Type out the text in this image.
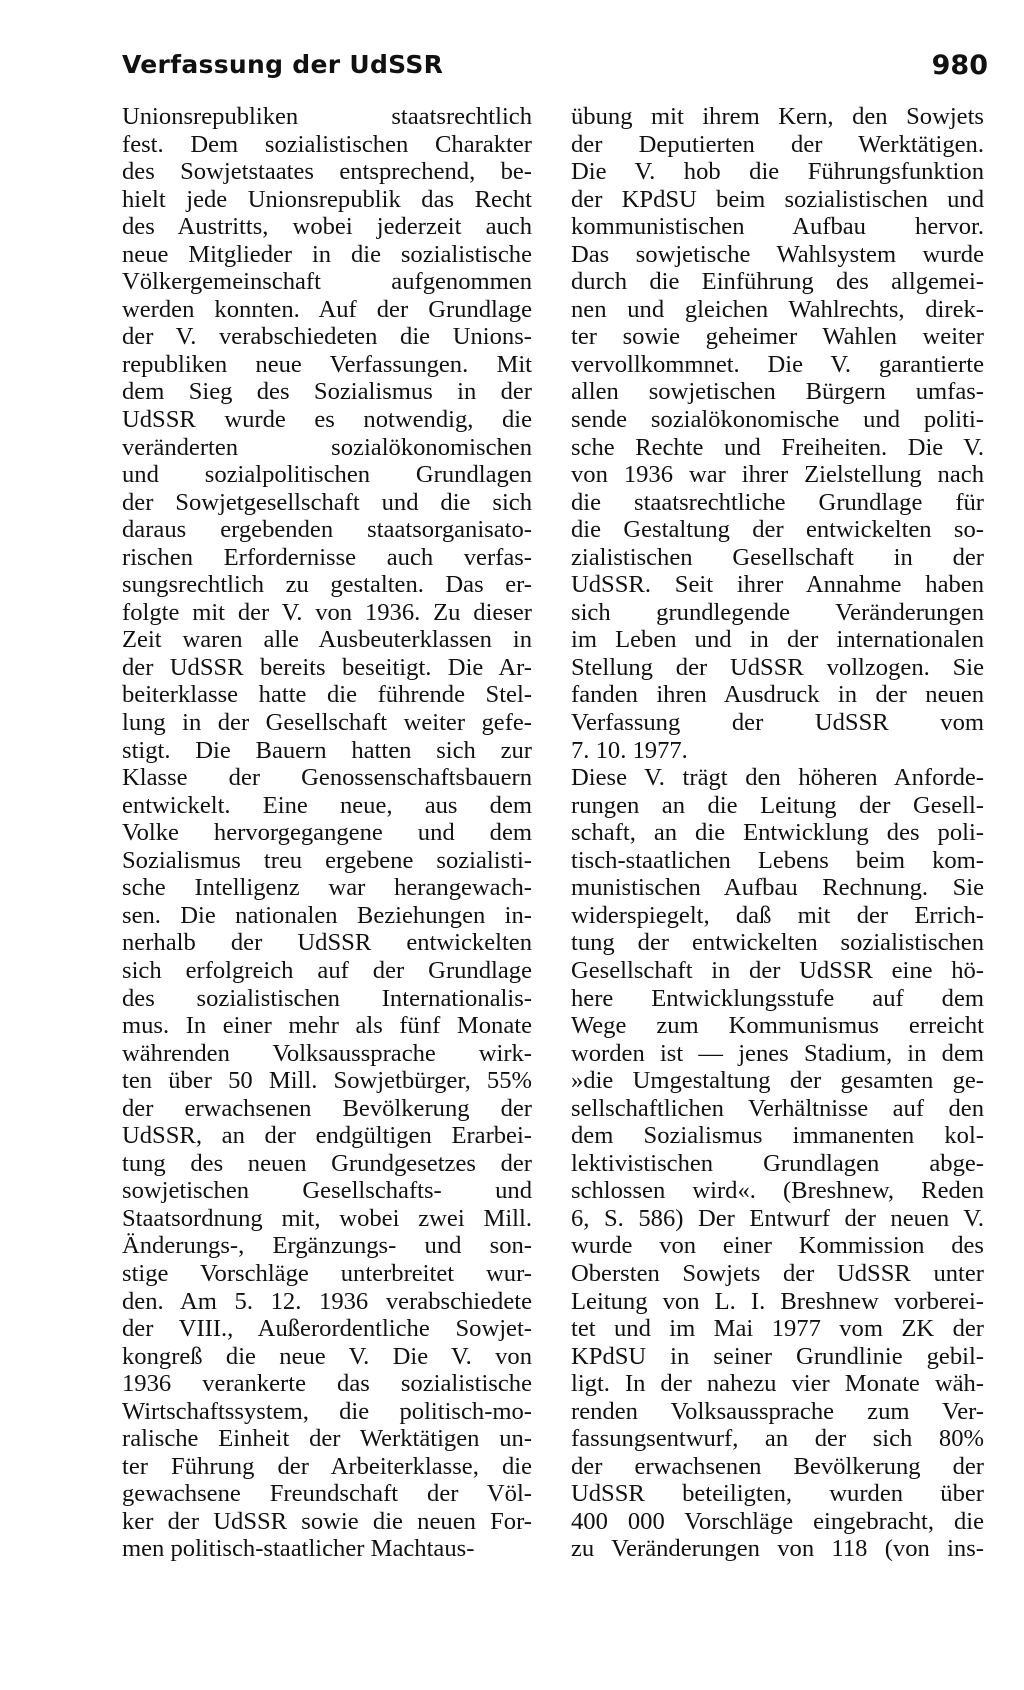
Verfassung der UdSSR	980
Unionsrepubliken staatsrechtlich
fest. Dem sozialistischen Charakter
des Sowjetstaates entsprechend, be-
hielt jede Unionsrepublik das Recht
des Austritts, wobei jederzeit auch
neue Mitglieder in die sozialistische
Völkergemeinschaft aufgenommen
werden konnten. Auf der Grundlage
der V. verabschiedeten die Unions-
republiken neue Verfassungen. Mit
dem Sieg des Sozialismus in der
UdSSR wurde es notwendig, die
veränderten sozialökonomischen
und sozialpolitischen Grundlagen
der Sowjetgesellschaft und die sich
daraus ergebenden staatsorganisato-
rischen Erfordernisse auch verfas-
sungsrechtlich zu gestalten. Das er-
folgte mit der V. von 1936. Zu dieser
Zeit waren alle Ausbeuterklassen in
der UdSSR bereits beseitigt. Die Ar-
beiterklasse hatte die führende Stel-
lung in der Gesellschaft weiter gefe-
stigt. Die Bauern hatten sich zur
Klasse der Genossenschaftsbauern
entwickelt. Eine neue, aus dem
Volke hervorgegangene und dem
Sozialismus treu ergebene sozialisti-
sche Intelligenz war herangewach-
sen. Die nationalen Beziehungen in-
nerhalb der UdSSR entwickelten
sich erfolgreich auf der Grundlage
des sozialistischen Internationalis-
mus. In einer mehr als fünf Monate
währenden Volksaussprache wirk-
ten über 50 Mill. Sowjetbürger, 55%
der erwachsenen Bevölkerung der
UdSSR, an der endgültigen Erarbei-
tung des neuen Grundgesetzes der
sowjetischen Gesellschafts- und
Staatsordnung mit, wobei zwei Mill.
Änderungs-, Ergänzungs- und son-
stige Vorschläge unterbreitet wur-
den. Am 5. 12. 1936 verabschiedete
der VIII., Außerordentliche Sowjet-
kongreß die neue V. Die V. von
1936 verankerte das sozialistische
Wirtschaftssystem, die politisch-mo-
ralische Einheit der Werktätigen un-
ter Führung der Arbeiterklasse, die
gewachsene Freundschaft der Völ-
ker der UdSSR sowie die neuen For-
men politisch-staatlicher Machtaus-
übung mit ihrem Kern, den Sowjets
der Deputierten der Werktätigen.
Die V. hob die Führungsfunktion
der KPdSU beim sozialistischen und
kommunistischen Aufbau hervor.
Das sowjetische Wahlsystem wurde
durch die Einführung des allgemei-
nen und gleichen Wahlrechts, direk-
ter sowie geheimer Wahlen weiter
vervollkommnet. Die V. garantierte
allen sowjetischen Bürgern umfas-
sende sozialökonomische und politi-
sche Rechte und Freiheiten. Die V.
von 1936 war ihrer Zielstellung nach
die staatsrechtliche Grundlage für
die Gestaltung der entwickelten so-
zialistischen Gesellschaft in der
UdSSR. Seit ihrer Annahme haben
sich grundlegende Veränderungen
im Leben und in der internationalen
Stellung der UdSSR vollzogen. Sie
fanden ihren Ausdruck in der neuen
Verfassung der UdSSR vom
7. 10. 1977.
Diese V. trägt den höheren Anforde-
rungen an die Leitung der Gesell-
schaft, an die Entwicklung des poli-
tisch-staatlichen Lebens beim kom-
munistischen Aufbau Rechnung. Sie
widerspiegelt, daß mit der Errich-
tung der entwickelten sozialistischen
Gesellschaft in der UdSSR eine hö-
here Entwicklungsstufe auf dem
Wege zum Kommunismus erreicht
worden ist — jenes Stadium, in dem
»die Umgestaltung der gesamten ge-
sellschaftlichen Verhältnisse auf den
dem Sozialismus immanenten kol-
lektivistischen Grundlagen abge-
schlossen wird«. (Breshnew, Reden
6, S. 586) Der Entwurf der neuen V.
wurde von einer Kommission des
Obersten Sowjets der UdSSR unter
Leitung von L. I. Breshnew vorberei-
tet und im Mai 1977 vom ZK der
KPdSU in seiner Grundlinie gebil-
ligt. In der nahezu vier Monate wäh-
renden Volksaussprache zum Ver-
fassungsentwurf, an der sich 80%
der erwachsenen Bevölkerung der
UdSSR beteiligten, wurden über
400 000 Vorschläge eingebracht, die
zu Veränderungen von 118 (von ins-
